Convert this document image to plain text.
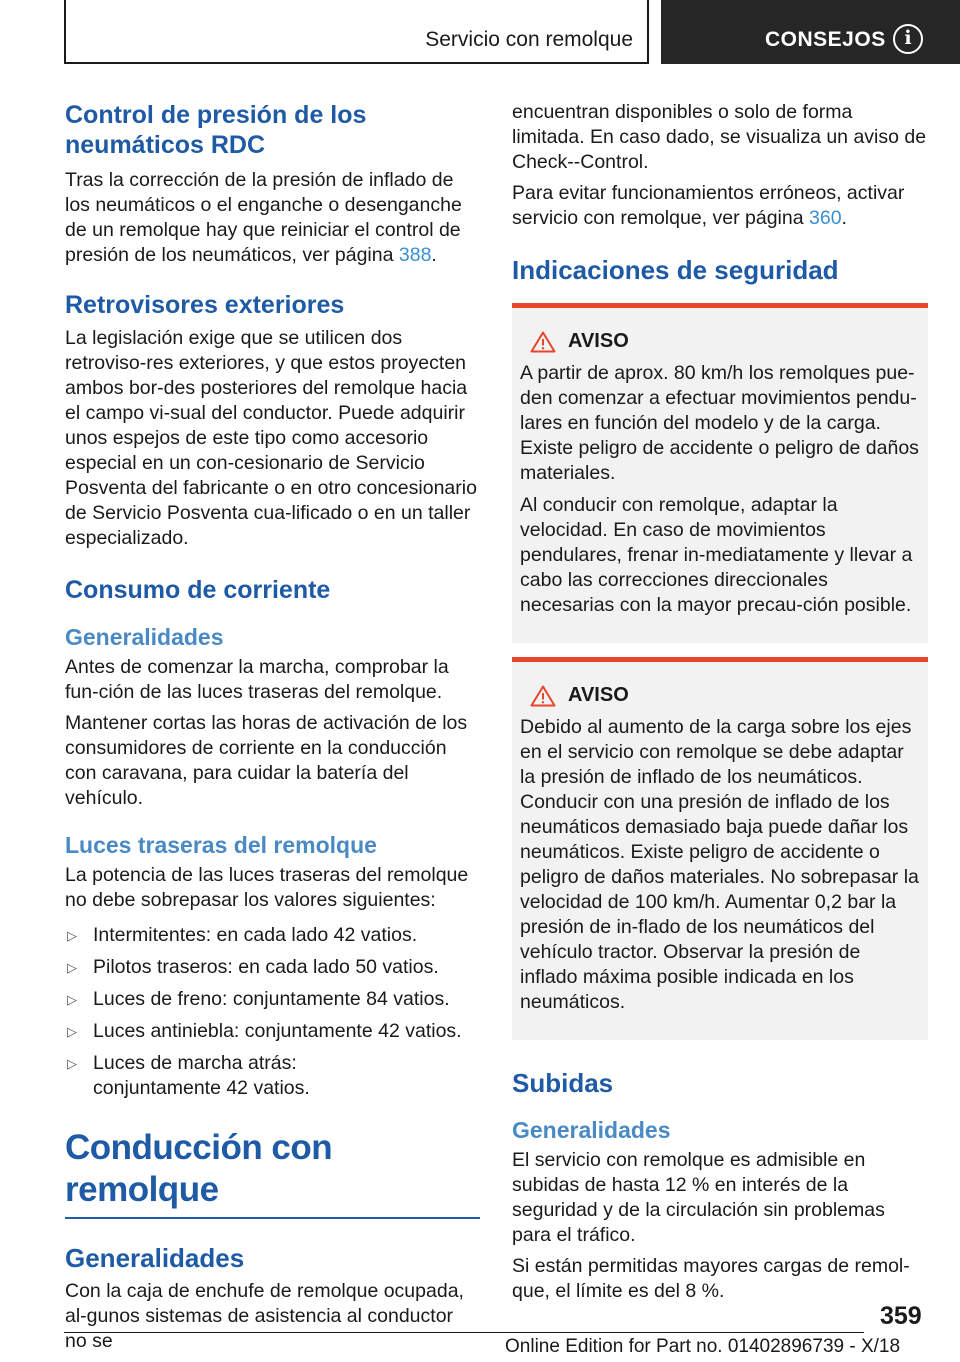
Servicio con remolque	CONSEJOS i
Control de presión de los neumáticos RDC

Tras la corrección de la presión de inflado de los neumáticos o el enganche o desenganche de un remolque hay que reiniciar el control de presión de los neumáticos, ver página 388.

Retrovisores exteriores

La legislación exige que se utilicen dos retroviso-res exteriores, y que estos proyecten ambos bor-des posteriores del remolque hacia el campo vi-sual del conductor. Puede adquirir unos espejos de este tipo como accesorio especial en un con-cesionario de Servicio Posventa del fabricante o en otro concesionario de Servicio Posventa cua-lificado o en un taller especializado.

Consumo de corriente
Generalidades

Antes de comenzar la marcha, comprobar la fun-ción de las luces traseras del remolque.

Mantener cortas las horas de activación de los consumidores de corriente en la conducción con caravana, para cuidar la batería del vehículo.

Luces traseras del remolque

La potencia de las luces traseras del remolque no debe sobrepasar los valores siguientes:

▷ Intermitentes: en cada lado 42 vatios.
▷ Pilotos traseros: en cada lado 50 vatios.
▷ Luces de freno: conjuntamente 84 vatios.
▷ Luces antiniebla: conjuntamente 42 vatios.
▷ Luces de marcha atrás: conjuntamente 42 vatios.
Conducción con remolque
Generalidades

Con la caja de enchufe de remolque ocupada, al-gunos sistemas de asistencia al conductor no se

encuentran disponibles o solo de forma limitada. En caso dado, se visualiza un aviso de Check--Control.

Para evitar funcionamientos erróneos, activar servicio con remolque, ver página 360.

Indicaciones de seguridad
AVISO

A partir de aprox. 80 km/h los remolques pue-den comenzar a efectuar movimientos pendu-lares en función del modelo y de la carga. Existe peligro de accidente o peligro de daños materiales.

Al conducir con remolque, adaptar la velocidad. En caso de movimientos pendulares, frenar in-mediatamente y llevar a cabo las correcciones direccionales necesarias con la mayor precau-ción posible.

AVISO

Debido al aumento de la carga sobre los ejes en el servicio con remolque se debe adaptar la presión de inflado de los neumáticos. Conducir con una presión de inflado de los neumáticos demasiado baja puede dañar los neumáticos. Existe peligro de accidente o peligro de daños materiales. No sobrepasar la velocidad de 100 km/h. Aumentar 0,2 bar la presión de in-flado de los neumáticos del vehículo tractor. Observar la presión de inflado máxima posible indicada en los neumáticos.

Subidas
Generalidades

El servicio con remolque es admisible en subidas de hasta 12 % en interés de la seguridad y de la circulación sin problemas para el tráfico.

Si están permitidas mayores cargas de remol-que, el límite es del 8 %.

359
Online Edition for Part no. 01402896739 - X/18
